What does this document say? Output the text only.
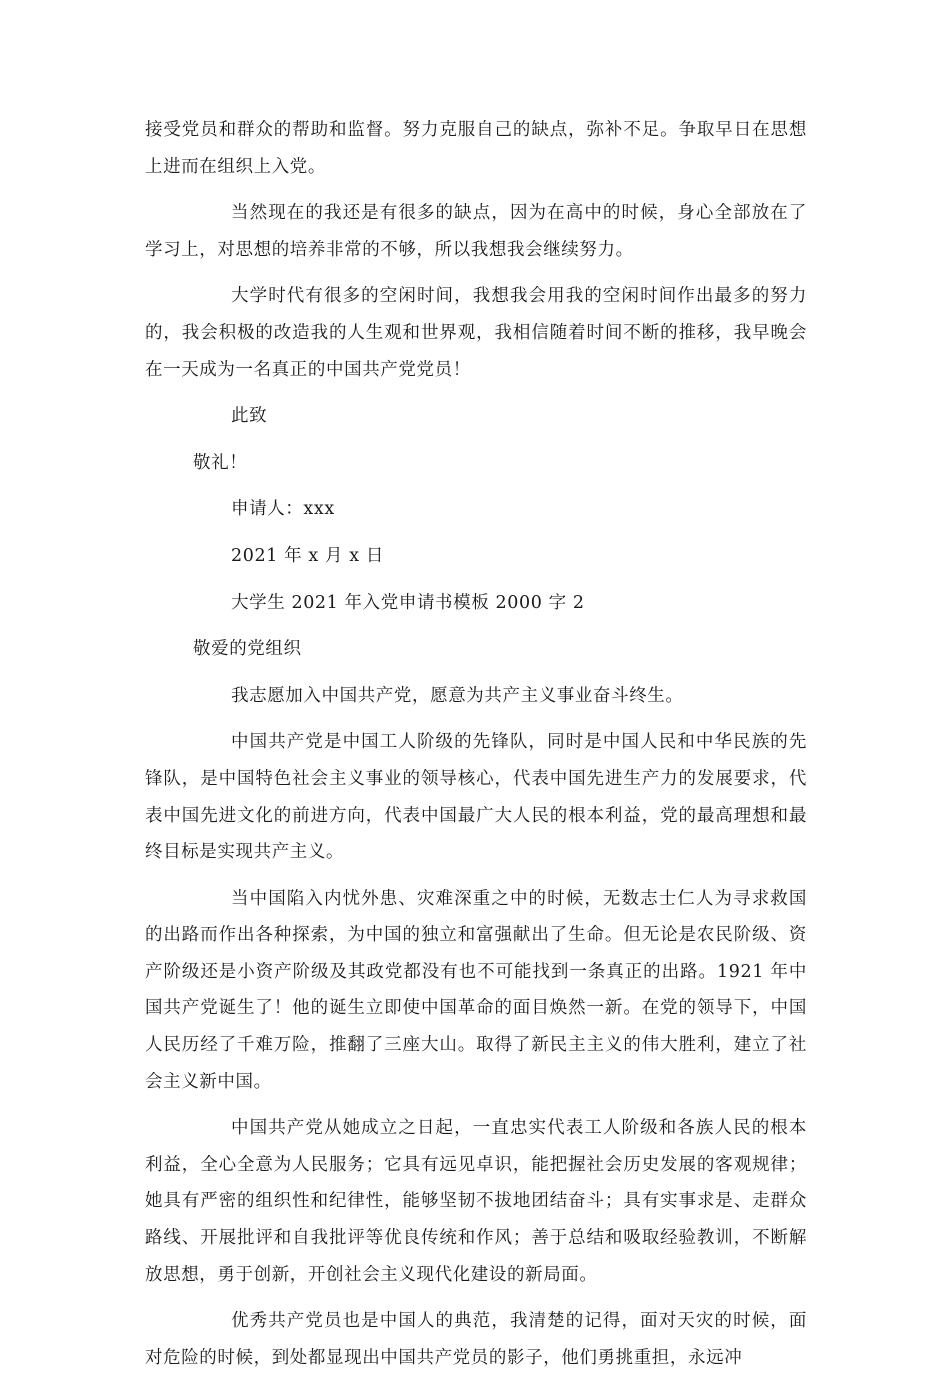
接受党员和群众的帮助和监督。努力克服自己的缺点，弥补不足。争取早日在思想上进而在组织上入党。

当然现在的我还是有很多的缺点，因为在高中的时候，身心全部放在了学习上，对思想的培养非常的不够，所以我想我会继续努力。

大学时代有很多的空闲时间，我想我会用我的空闲时间作出最多的努力的，我会积极的改造我的人生观和世界观，我相信随着时间不断的推移，我早晚会在一天成为一名真正的中国共产党党员！

此致
敬礼！
申请人：xxx
2021 年 x 月 x 日
大学生 2021 年入党申请书模板 2000 字 2
敬爱的党组织

我志愿加入中国共产党，愿意为共产主义事业奋斗终生。

中国共产党是中国工人阶级的先锋队，同时是中国人民和中华民族的先锋队，是中国特色社会主义事业的领导核心，代表中国先进生产力的发展要求，代表中国先进文化的前进方向，代表中国最广大人民的根本利益，党的最高理想和最终目标是实现共产主义。

当中国陷入内忧外患、灾难深重之中的时候，无数志士仁人为寻求救国的出路而作出各种探索，为中国的独立和富强献出了生命。但无论是农民阶级、资产阶级还是小资产阶级及其政党都没有也不可能找到一条真正的出路。1921 年中国共产党诞生了！他的诞生立即使中国革命的面目焕然一新。在党的领导下，中国人民历经了千难万险，推翻了三座大山。取得了新民主主义的伟大胜利，建立了社会主义新中国。

中国共产党从她成立之日起，一直忠实代表工人阶级和各族人民的根本利益，全心全意为人民服务；它具有远见卓识，能把握社会历史发展的客观规律；她具有严密的组织性和纪律性，能够坚韧不拔地团结奋斗；具有实事求是、走群众路线、开展批评和自我批评等优良传统和作风；善于总结和吸取经验教训，不断解放思想，勇于创新，开创社会主义现代化建设的新局面。

优秀共产党员也是中国人的典范，我清楚的记得，面对天灾的时候，面对危险的时候，到处都显现出中国共产党员的影子，他们勇挑重担，永远冲
